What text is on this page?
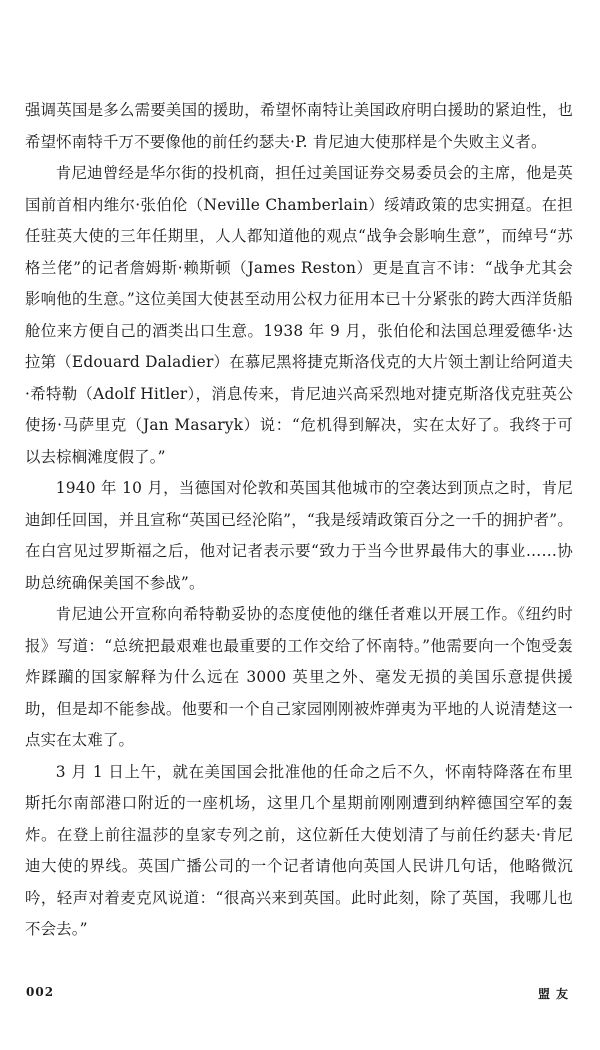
强调英国是多么需要美国的援助，希望怀南特让美国政府明白援助的紧迫性，也希望怀南特千万不要像他的前任约瑟夫·P. 肯尼迪大使那样是个失败主义者。

肯尼迪曾经是华尔街的投机商，担任过美国证券交易委员会的主席，他是英国前首相内维尔·张伯伦（Neville Chamberlain）绥靖政策的忠实拥趸。在担任驻英大使的三年任期里，人人都知道他的观点“战争会影响生意”，而绰号“苏格兰佬”的记者詹姆斯·赖斯顿（James Reston）更是直言不讳：“战争尤其会影响他的生意。”这位美国大使甚至动用公权力征用本已十分紧张的跨大西洋货船舱位来方便自己的酒类出口生意。1938 年 9 月，张伯伦和法国总理爱德华·达拉第（Edouard Daladier）在慕尼黑将捷克斯洛伐克的大片领土割让给阿道夫·希特勒（Adolf Hitler），消息传来，肯尼迪兴高采烈地对捷克斯洛伐克驻英公使扬·马萨里克（Jan Masaryk）说：“危机得到解决，实在太好了。我终于可以去棕榈滩度假了。”

1940 年 10 月，当德国对伦敦和英国其他城市的空袭达到顶点之时，肯尼迪卸任回国，并且宣称“英国已经沦陷”，“我是绥靖政策百分之一千的拥护者”。在白宫见过罗斯福之后，他对记者表示要“致力于当今世界最伟大的事业……协助总统确保美国不参战”。

肯尼迪公开宣称向希特勒妥协的态度使他的继任者难以开展工作。《纽约时报》写道：“总统把最艰难也最重要的工作交给了怀南特。”他需要向一个饱受轰炸蹂躏的国家解释为什么远在 3000 英里之外、毫发无损的美国乐意提供援助，但是却不能参战。他要和一个自己家园刚刚被炸弹夷为平地的人说清楚这一点实在太难了。

3 月 1 日上午，就在美国国会批准他的任命之后不久，怀南特降落在布里斯托尔南部港口附近的一座机场，这里几个星期前刚刚遭到纳粹德国空军的轰炸。在登上前往温莎的皇家专列之前，这位新任大使划清了与前任约瑟夫·肯尼迪大使的界线。英国广播公司的一个记者请他向英国人民讲几句话，他略微沉吟，轻声对着麦克风说道：“很高兴来到英国。此时此刻，除了英国，我哪儿也不会去。”

002	盟友
